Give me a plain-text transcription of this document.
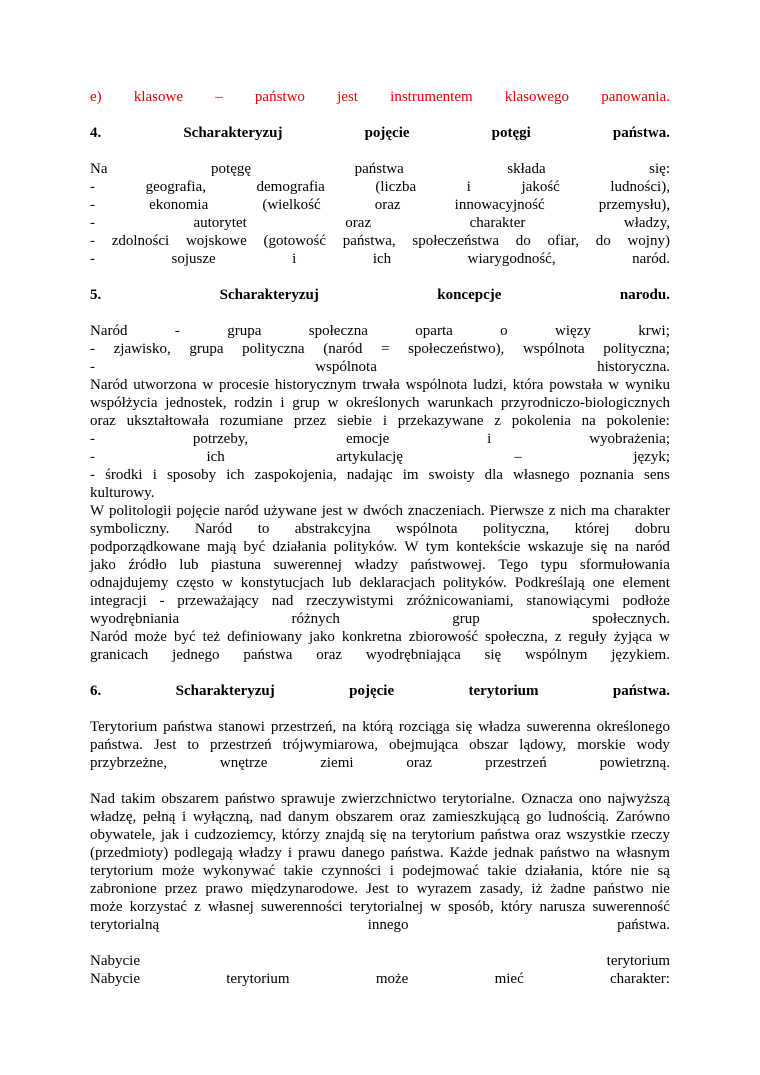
e) klasowe – państwo jest instrumentem klasowego panowania.
4.	Scharakteryzuj	pojęcie	potęgi	państwa.
Na	potęgę	państwa	składa	się:
-	geografia,	demografia	(liczba	i	jakość	ludności),
-	ekonomia	(wielkość	oraz	innowacyjność	przemysłu),
-	autorytet	oraz	charakter	władzy,
- zdolności wojskowe (gotowość państwa, społeczeństwa do ofiar, do wojny)
-	sojusze	i	ich	wiarygodność,	naród.
5.	Scharakteryzuj	koncepcje	narodu.
Naród	-	grupa	społeczna	oparta	o	więzy	krwi;
- zjawisko, grupa polityczna (naród = społeczeństwo), wspólnota polityczna;
-	wspólnota	historyczna.
Naród utworzona w procesie historycznym trwała wspólnota ludzi, która powstała w wyniku
współżycia jednostek, rodzin i grup w określonych warunkach przyrodniczo-biologicznych
oraz ukształtowała rozumiane przez siebie i przekazywane z pokolenia na pokolenie:
-	potrzeby,	emocje	i	wyobrażenia;
-	ich	artykulację	–	język;
- środki i sposoby ich zaspokojenia, nadając im swoisty dla własnego poznania sens
kulturowy.
W politologii pojęcie naród używane jest w dwóch znaczeniach. Pierwsze z nich ma charakter
symboliczny. Naród to abstrakcyjna wspólnota polityczna, której dobru
podporządkowane mają być działania polityków. W tym kontekście wskazuje się na naród
jako źródło lub piastuna suwerennej władzy państwowej. Tego typu sformułowania
odnajdujemy często w konstytucjach lub deklaracjach polityków. Podkreślają one element
integracji - przeważający nad rzeczywistymi zróżnicowaniami, stanowiącymi podłoże
wyodrębniania	różnych	grup	społecznych.
Naród może być też definiowany jako konkretna zbiorowość społeczna, z reguły żyjąca w
granicach jednego państwa oraz wyodrębniająca się wspólnym językiem.
6.	Scharakteryzuj	pojęcie	terytorium	państwa.
Terytorium państwa stanowi przestrzeń, na którą rozciąga się władza suwerenna określonego
państwa. Jest to przestrzeń trójwymiarowa, obejmująca obszar lądowy, morskie wody
przybrzeżne,	wnętrze	ziemi	oraz	przestrzeń	powietrzną.
Nad takim obszarem państwo sprawuje zwierzchnictwo terytorialne. Oznacza ono najwyższą
władzę, pełną i wyłączną, nad danym obszarem oraz zamieszkującą go ludnością. Zarówno
obywatele, jak i cudzoziemcy, którzy znajdą się na terytorium państwa oraz wszystkie rzeczy
(przedmioty) podlegają władzy i prawu danego państwa. Każde jednak państwo na własnym
terytorium może wykonywać takie czynności i podejmować takie działania, które nie są
zabronione przez prawo międzynarodowe. Jest to wyrazem zasady, iż żadne państwo nie
może korzystać z własnej suwerenności terytorialnej w sposób, który narusza suwerenność
terytorialną	innego	państwa.
Nabycie	terytorium
Nabycie	terytorium	może	mieć	charakter:
